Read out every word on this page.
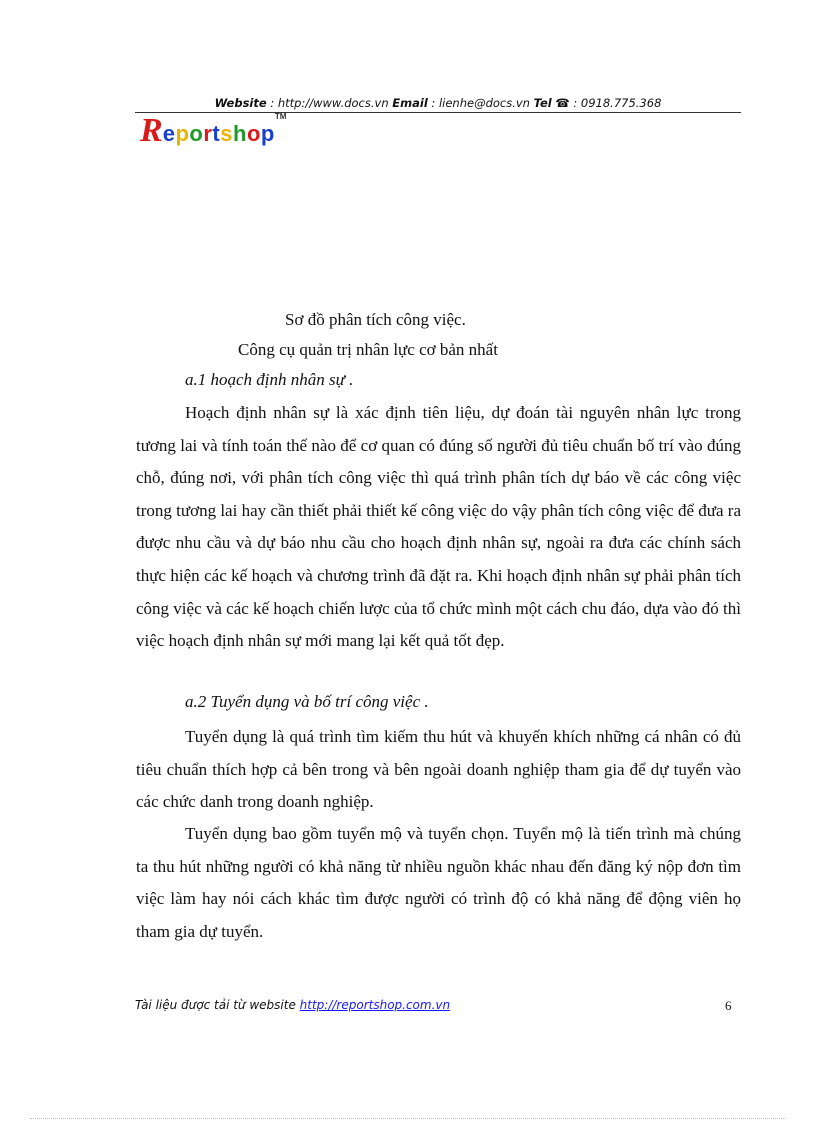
Website : http://www.docs.vn Email : lienhe@docs.vn Tel ☎ : 0918.775.368
Reportshop™
Sơ đồ phân tích công việc.
Công cụ quản trị nhân lực cơ bản nhất
a.1 hoạch định nhân sự .

Hoạch định nhân sự là xác định tiên liệu, dự đoán tài nguyên nhân lực trong tương lai và tính toán thế nào để cơ quan có đúng số người đủ tiêu chuẩn bố trí vào đúng chỗ, đúng nơi, với phân tích công việc thì quá trình phân tích dự báo về các công việc trong tương lai hay cần thiết phải thiết kế công việc do vậy phân tích công việc để đưa ra được nhu cầu và dự báo nhu cầu cho hoạch định nhân sự, ngoài ra đưa các chính sách thực hiện các kế hoạch và chương trình đã đặt ra. Khi hoạch định nhân sự phải phân tích công việc và các kế hoạch chiến lược của tổ chức mình một cách chu đáo, dựa vào đó thì việc hoạch định nhân sự mới mang lại kết quả tốt đẹp.

a.2 Tuyển dụng và bố trí công việc .

Tuyển dụng là quá trình tìm kiếm thu hút và khuyến khích những cá nhân có đủ tiêu chuẩn thích hợp cả bên trong và bên ngoài doanh nghiệp tham gia để dự tuyển vào các chức danh trong doanh nghiệp.

Tuyển dụng bao gồm tuyển mộ và tuyển chọn. Tuyển mộ là tiến trình mà chúng ta thu hút những người có khả năng từ nhiều nguồn khác nhau đến đăng ký nộp đơn tìm việc làm hay nói cách khác tìm được người có trình độ có khả năng để động viên họ tham gia dự tuyển.

Tài liệu được tải từ website http://reportshop.com.vn	6
